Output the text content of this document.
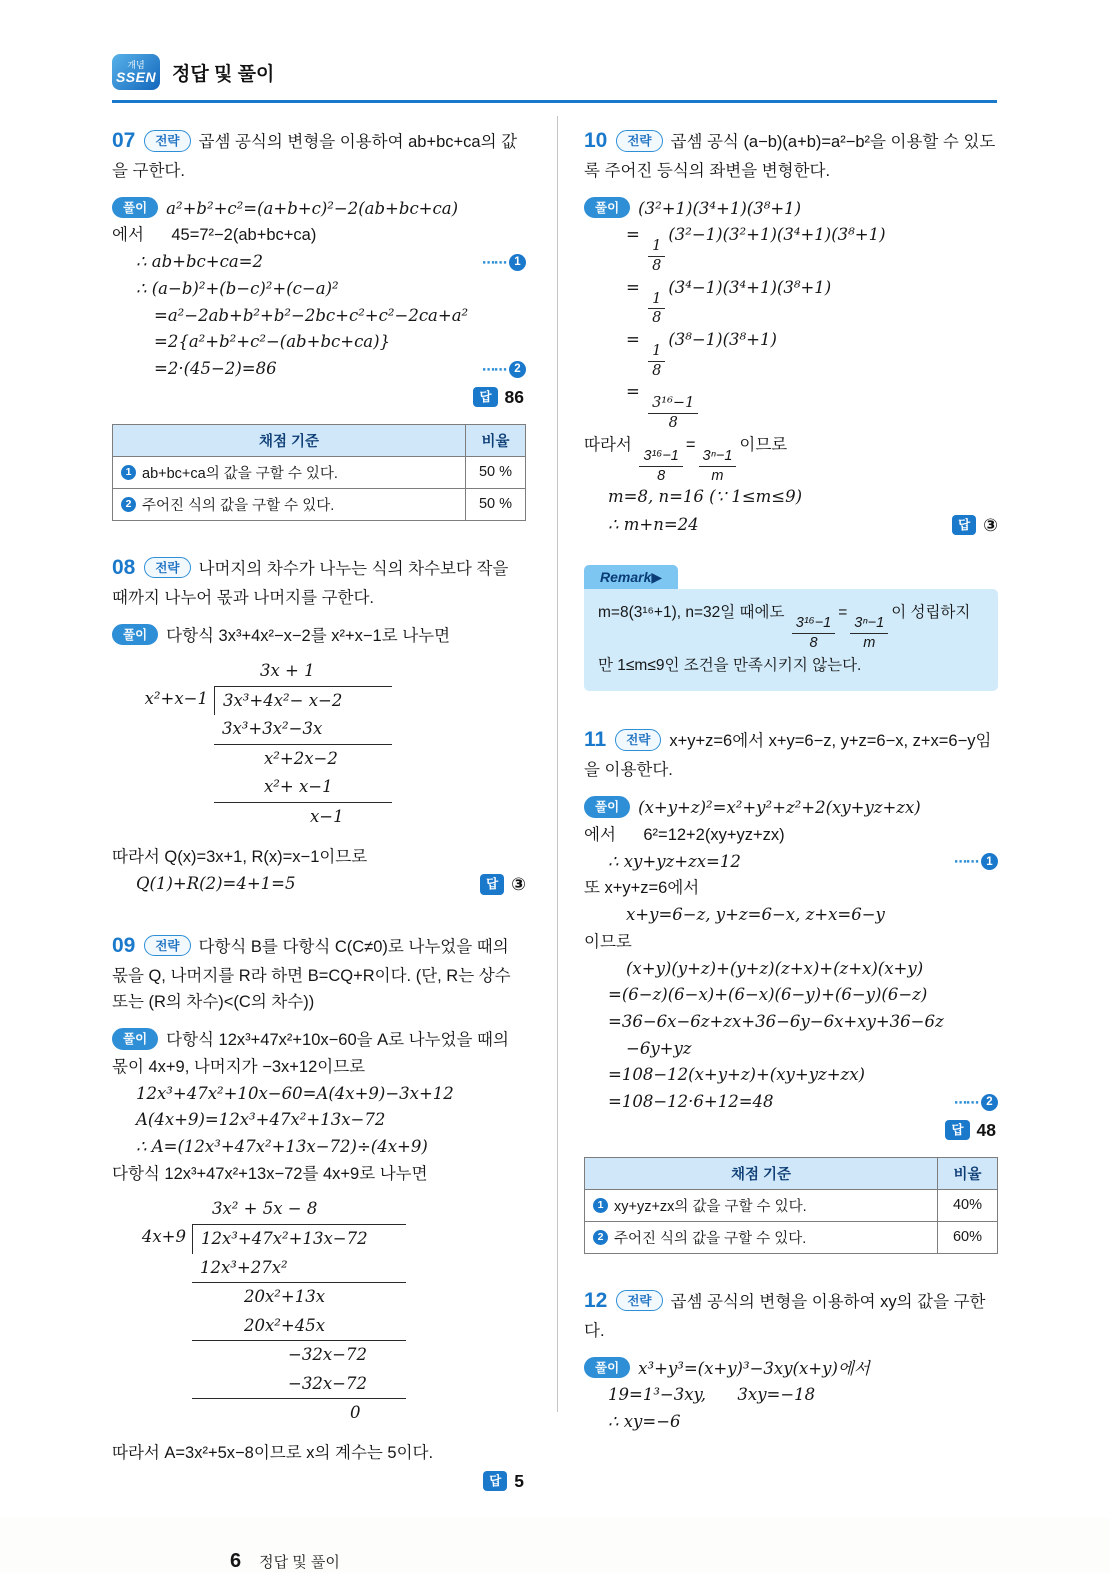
개념
SSEN 정답 및 풀이
07 전략 곱셈 공식의 변형을 이용하여 ab+bc+ca의 값을 구한다.
풀이 a²+b²+c²=(a+b+c)²−2(ab+bc+ca)
에서      45=7²−2(ab+bc+ca)
∴ ab+bc+ca=2	⋯⋯ 1
∴ (a−b)²+(b−c)²+(c−a)²
=a²−2ab+b²+b²−2bc+c²+c²−2ca+a²
=2{a²+b²+c²−(ab+bc+ca)}
=2·(45−2)=86	⋯⋯ 2
답 86
채점 기준	비율

1 ab+bc+ca의 값을 구할 수 있다.	50 %

2 주어진 식의 값을 구할 수 있다.	50 %
08 전략 나머지의 차수가 나누는 식의 차수보다 작을 때까지 나누어 몫과 나머지를 구한다.
풀이 다항식 3x³+4x²−x−2를 x²+x−1로 나누면
3x + 1
x²+x−1 3x³+4x²− x−2
3x³+3x²−3x
x²+2x−2
x²+ x−1
x−1
따라서 Q(x)=3x+1, R(x)=x−1이므로
Q(1)+R(2)=4+1=5	답 ③
09 전략 다항식 B를 다항식 C(C≠0)로 나누었을 때의 몫을 Q, 나머지를 R라 하면 B=CQ+R이다. (단, R는 상수 또는 (R의 차수)<(C의 차수))
풀이 다항식 12x³+47x²+10x−60을 A로 나누었을 때의 몫이 4x+9, 나머지가 −3x+12이므로
12x³+47x²+10x−60=A(4x+9)−3x+12
A(4x+9)=12x³+47x²+13x−72
∴ A=(12x³+47x²+13x−72)÷(4x+9)
다항식 12x³+47x²+13x−72를 4x+9로 나누면
3x² + 5x − 8
4x+9 12x³+47x²+13x−72
12x³+27x²
20x²+13x
20x²+45x
−32x−72
−32x−72
0
따라서 A=3x²+5x−8이므로 x의 계수는 5이다.
답 5
6 정답 및 풀이
10 전략 곱셈 공식 (a−b)(a+b)=a²−b²을 이용할 수 있도록 주어진 등식의 좌변을 변형한다.
풀이 (3²+1)(3⁴+1)(3⁸+1)
=
$\frac{1}{8}$
(3²−1)(3²+1)(3⁴+1)(3⁸+1)
=
$\frac{1}{8}$
(3⁴−1)(3⁴+1)(3⁸+1)
=
$\frac{1}{8}$
(3⁸−1)(3⁸+1)
=
$\frac{\text{3¹⁶−1}}{8}$
따라서
$\frac{\text{3¹⁶−1}}{8}$
=
$\frac{\text{3ⁿ−1}}{m}$
이므로
m=8, n=16 (∵ 1≤m≤9)
∴ m+n=24	답 ③
Remark▶
m=8(3¹⁶+1), n=32일 때에도
$\frac{\text{3¹⁶−1}}{8}$
=
$\frac{\text{3ⁿ−1}}{m}$
이 성립하지만 1≤m≤9인 조건을 만족시키지 않는다.
11 전략 x+y+z=6에서 x+y=6−z, y+z=6−x, z+x=6−y임을 이용한다.
풀이 (x+y+z)²=x²+y²+z²+2(xy+yz+zx)
에서      6²=12+2(xy+yz+zx)
∴ xy+yz+zx=12	⋯⋯ 1
또 x+y+z=6에서
x+y=6−z, y+z=6−x, z+x=6−y
이므로
(x+y)(y+z)+(y+z)(z+x)+(z+x)(x+y)
=(6−z)(6−x)+(6−x)(6−y)+(6−y)(6−z)
=36−6x−6z+zx+36−6y−6x+xy+36−6z
−6y+yz
=108−12(x+y+z)+(xy+yz+zx)
=108−12·6+12=48	⋯⋯ 2
답 48
채점 기준	비율

1 xy+yz+zx의 값을 구할 수 있다.	40%

2 주어진 식의 값을 구할 수 있다.	60%
12 전략 곱셈 공식의 변형을 이용하여 xy의 값을 구한다.
풀이 x³+y³=(x+y)³−3xy(x+y)에서
19=1³−3xy,      3xy=−18
∴ xy=−6
